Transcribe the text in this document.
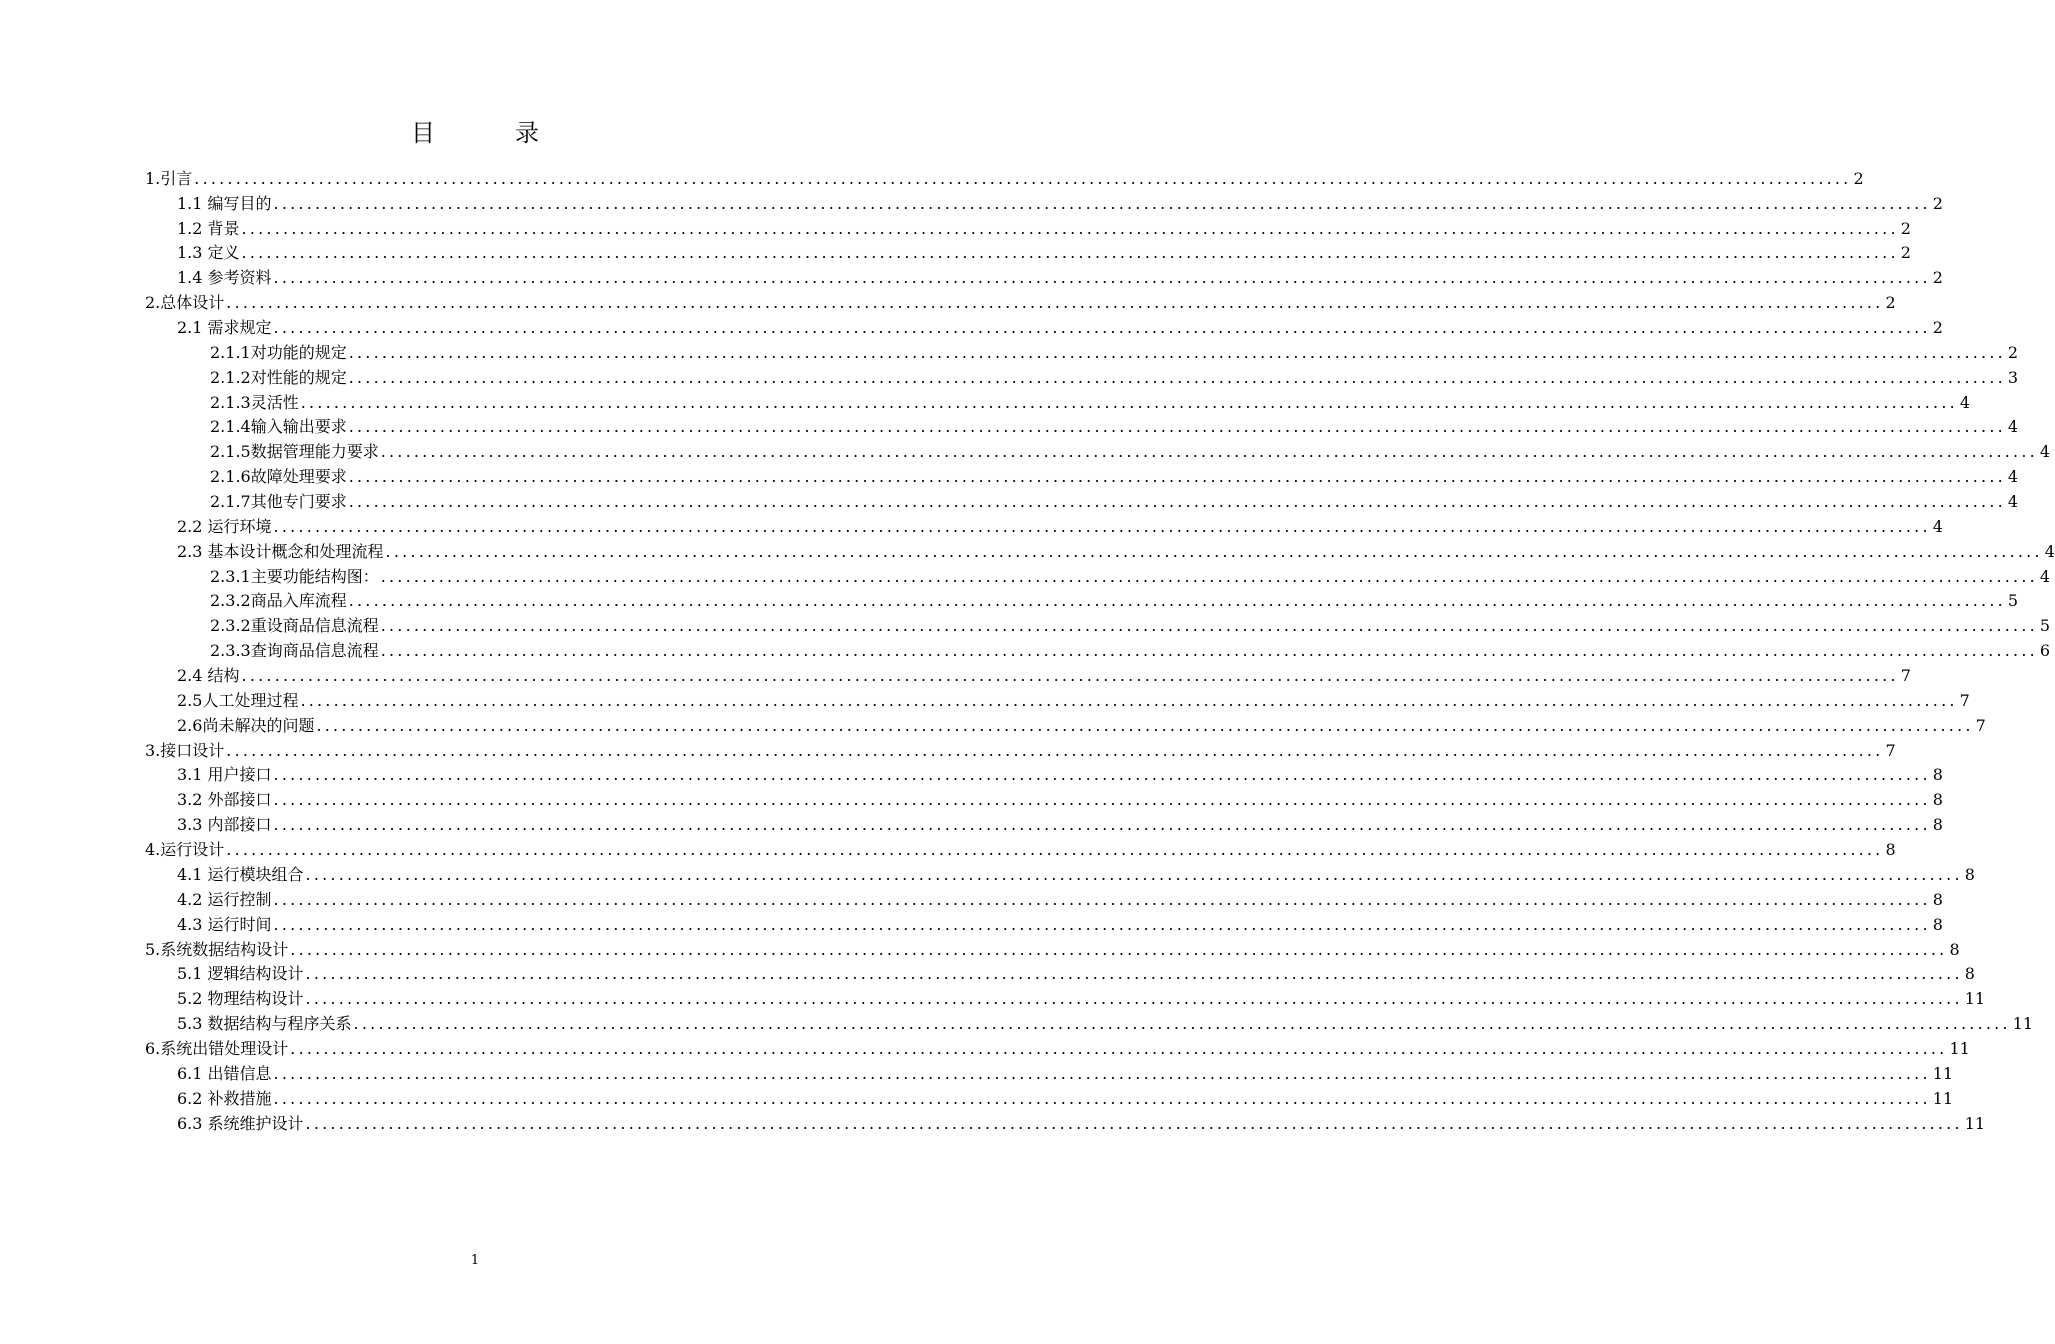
目　录
1.引言 ........................................................................................................................................................................................................ 2
1.1 编写目的 ........................................................................................................................................................................................................ 2
1.2 背景 ........................................................................................................................................................................................................ 2
1.3 定义 ........................................................................................................................................................................................................ 2
1.4 参考资料 ........................................................................................................................................................................................................ 2
2.总体设计 ........................................................................................................................................................................................................ 2
2.1 需求规定 ........................................................................................................................................................................................................ 2
2.1.1对功能的规定 ........................................................................................................................................................................................................ 2
2.1.2对性能的规定 ........................................................................................................................................................................................................ 3
2.1.3灵活性 ........................................................................................................................................................................................................ 4
2.1.4输入输出要求 ........................................................................................................................................................................................................ 4
2.1.5数据管理能力要求 ........................................................................................................................................................................................................ 4
2.1.6故障处理要求 ........................................................................................................................................................................................................ 4
2.1.7其他专门要求 ........................................................................................................................................................................................................ 4
2.2 运行环境 ........................................................................................................................................................................................................ 4
2.3 基本设计概念和处理流程 ........................................................................................................................................................................................................ 4
2.3.1主要功能结构图： ........................................................................................................................................................................................................ 4
2.3.2商品入库流程 ........................................................................................................................................................................................................ 5
2.3.2重设商品信息流程 ........................................................................................................................................................................................................ 5
2.3.3查询商品信息流程 ........................................................................................................................................................................................................ 6
2.4 结构 ........................................................................................................................................................................................................ 7
2.5人工处理过程 ........................................................................................................................................................................................................ 7
2.6尚未解决的问题 ........................................................................................................................................................................................................ 7
3.接口设计 ........................................................................................................................................................................................................ 7
3.1 用户接口 ........................................................................................................................................................................................................ 8
3.2 外部接口 ........................................................................................................................................................................................................ 8
3.3 内部接口 ........................................................................................................................................................................................................ 8
4.运行设计 ........................................................................................................................................................................................................ 8
4.1 运行模块组合 ........................................................................................................................................................................................................ 8
4.2 运行控制 ........................................................................................................................................................................................................ 8
4.3 运行时间 ........................................................................................................................................................................................................ 8
5.系统数据结构设计 ........................................................................................................................................................................................................ 8
5.1 逻辑结构设计 ........................................................................................................................................................................................................ 8
5.2 物理结构设计 ........................................................................................................................................................................................................ 11
5.3 数据结构与程序关系 ........................................................................................................................................................................................................ 11
6.系统出错处理设计 ........................................................................................................................................................................................................ 11
6.1 出错信息 ........................................................................................................................................................................................................ 11
6.2 补救措施 ........................................................................................................................................................................................................ 11
6.3 系统维护设计 ........................................................................................................................................................................................................ 11
1
